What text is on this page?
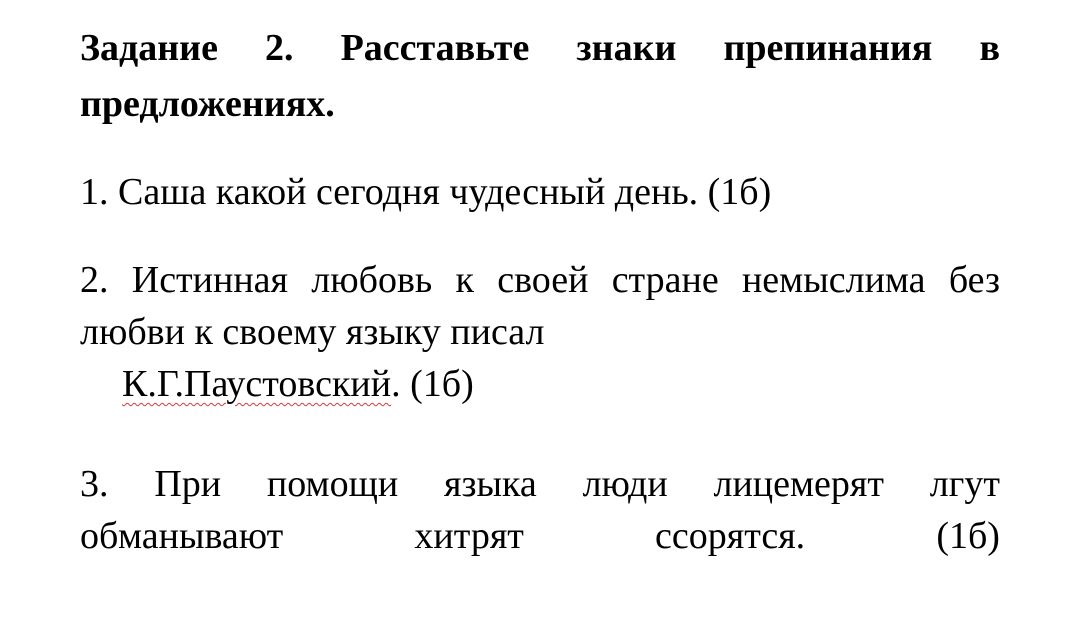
Задание 2. Расставьте знаки препинания в
предложениях.
1. Саша какой сегодня чудесный день. (1б)
2. Истинная любовь к своей стране немыслима без
любви к своему языку писал
К.Г.Паустовский. (1б)
3. При помощи языка люди лицемерят лгут
обманывают	хитрят	ссорятся.	(1б)
